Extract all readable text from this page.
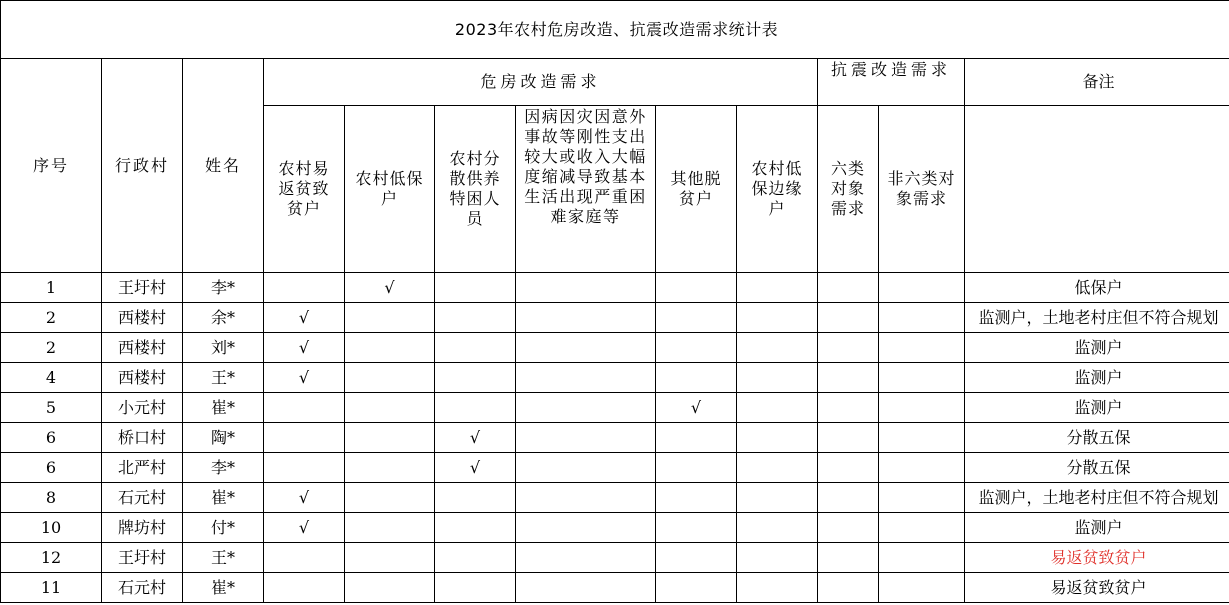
2023年农村危房改造、抗震改造需求统计表											
序号	行政村	姓名	危房改造需求						抗震改造需求		备注
			农村易返贫致贫户	农村低保户	农村分散供养特困人员	因病因灾因意外事故等刚性支出较大或收入大幅度缩减导致基本生活出现严重困难家庭等	其他脱贫户	农村低保边缘户	六类对象需求	非六类对象需求	
1	王圩村	李*		√							低保户
2	西楼村	余*	√								监测户，土地老村庄但不符合规划
2	西楼村	刘*	√								监测户
4	西楼村	王*	√								监测户
5	小元村	崔*					√				监测户
6	桥口村	陶*			√						分散五保
6	北严村	李*			√						分散五保
8	石元村	崔*	√								监测户，土地老村庄但不符合规划
10	牌坊村	付*	√								监测户
12	王圩村	王*									易返贫致贫户
11	石元村	崔*									易返贫致贫户
